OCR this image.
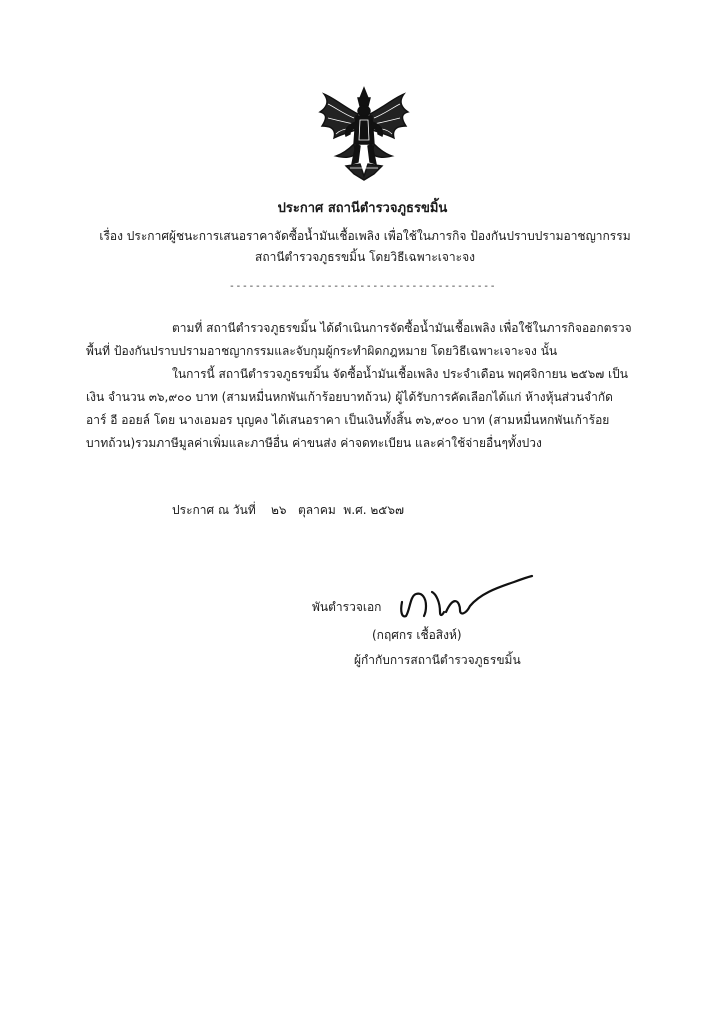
ประกาศ สถานีตำรวจภูธรขมิ้น
เรื่อง ประกาศผู้ชนะการเสนอราคาจัดซื้อน้ำมันเชื้อเพลิง เพื่อใช้ในภารกิจ ป้องกันปราบปรามอาชญากรรม
สถานีตำรวจภูธรขมิ้น โดยวิธีเฉพาะเจาะจง
-----------------------------------------
ตามที่ สถานีตำรวจภูธรขมิ้น ได้ดำเนินการจัดซื้อน้ำมันเชื้อเพลิง เพื่อใช้ในภารกิจออกตรวจ
พื้นที่ ป้องกันปราบปรามอาชญากรรมและจับกุมผู้กระทำผิดกฎหมาย โดยวิธีเฉพาะเจาะจง นั้น
ในการนี้ สถานีตำรวจภูธรขมิ้น จัดซื้อน้ำมันเชื้อเพลิง ประจำเดือน พฤศจิกายน ๒๕๖๗ เป็น
เงิน จำนวน ๓๖,๙๐๐ บาท (สามหมื่นหกพันเก้าร้อยบาทถ้วน) ผู้ได้รับการคัดเลือกได้แก่ ห้างหุ้นส่วนจำกัด
อาร์ อี ออยล์ โดย นางเอมอร บุญคง ได้เสนอราคา เป็นเงินทั้งสิ้น ๓๖,๙๐๐ บาท (สามหมื่นหกพันเก้าร้อย
บาทถ้วน)รวมภาษีมูลค่าเพิ่มและภาษีอื่น ค่าขนส่ง ค่าจดทะเบียน และค่าใช้จ่ายอื่นๆทั้งปวง
ประกาศ ณ วันที่    ๒๖   ตุลาคม  พ.ศ. ๒๕๖๗
พันตำรวจเอก
(กฤศกร เชื้อสิงห์)
ผู้กำกับการสถานีตำรวจภูธรขมิ้น
